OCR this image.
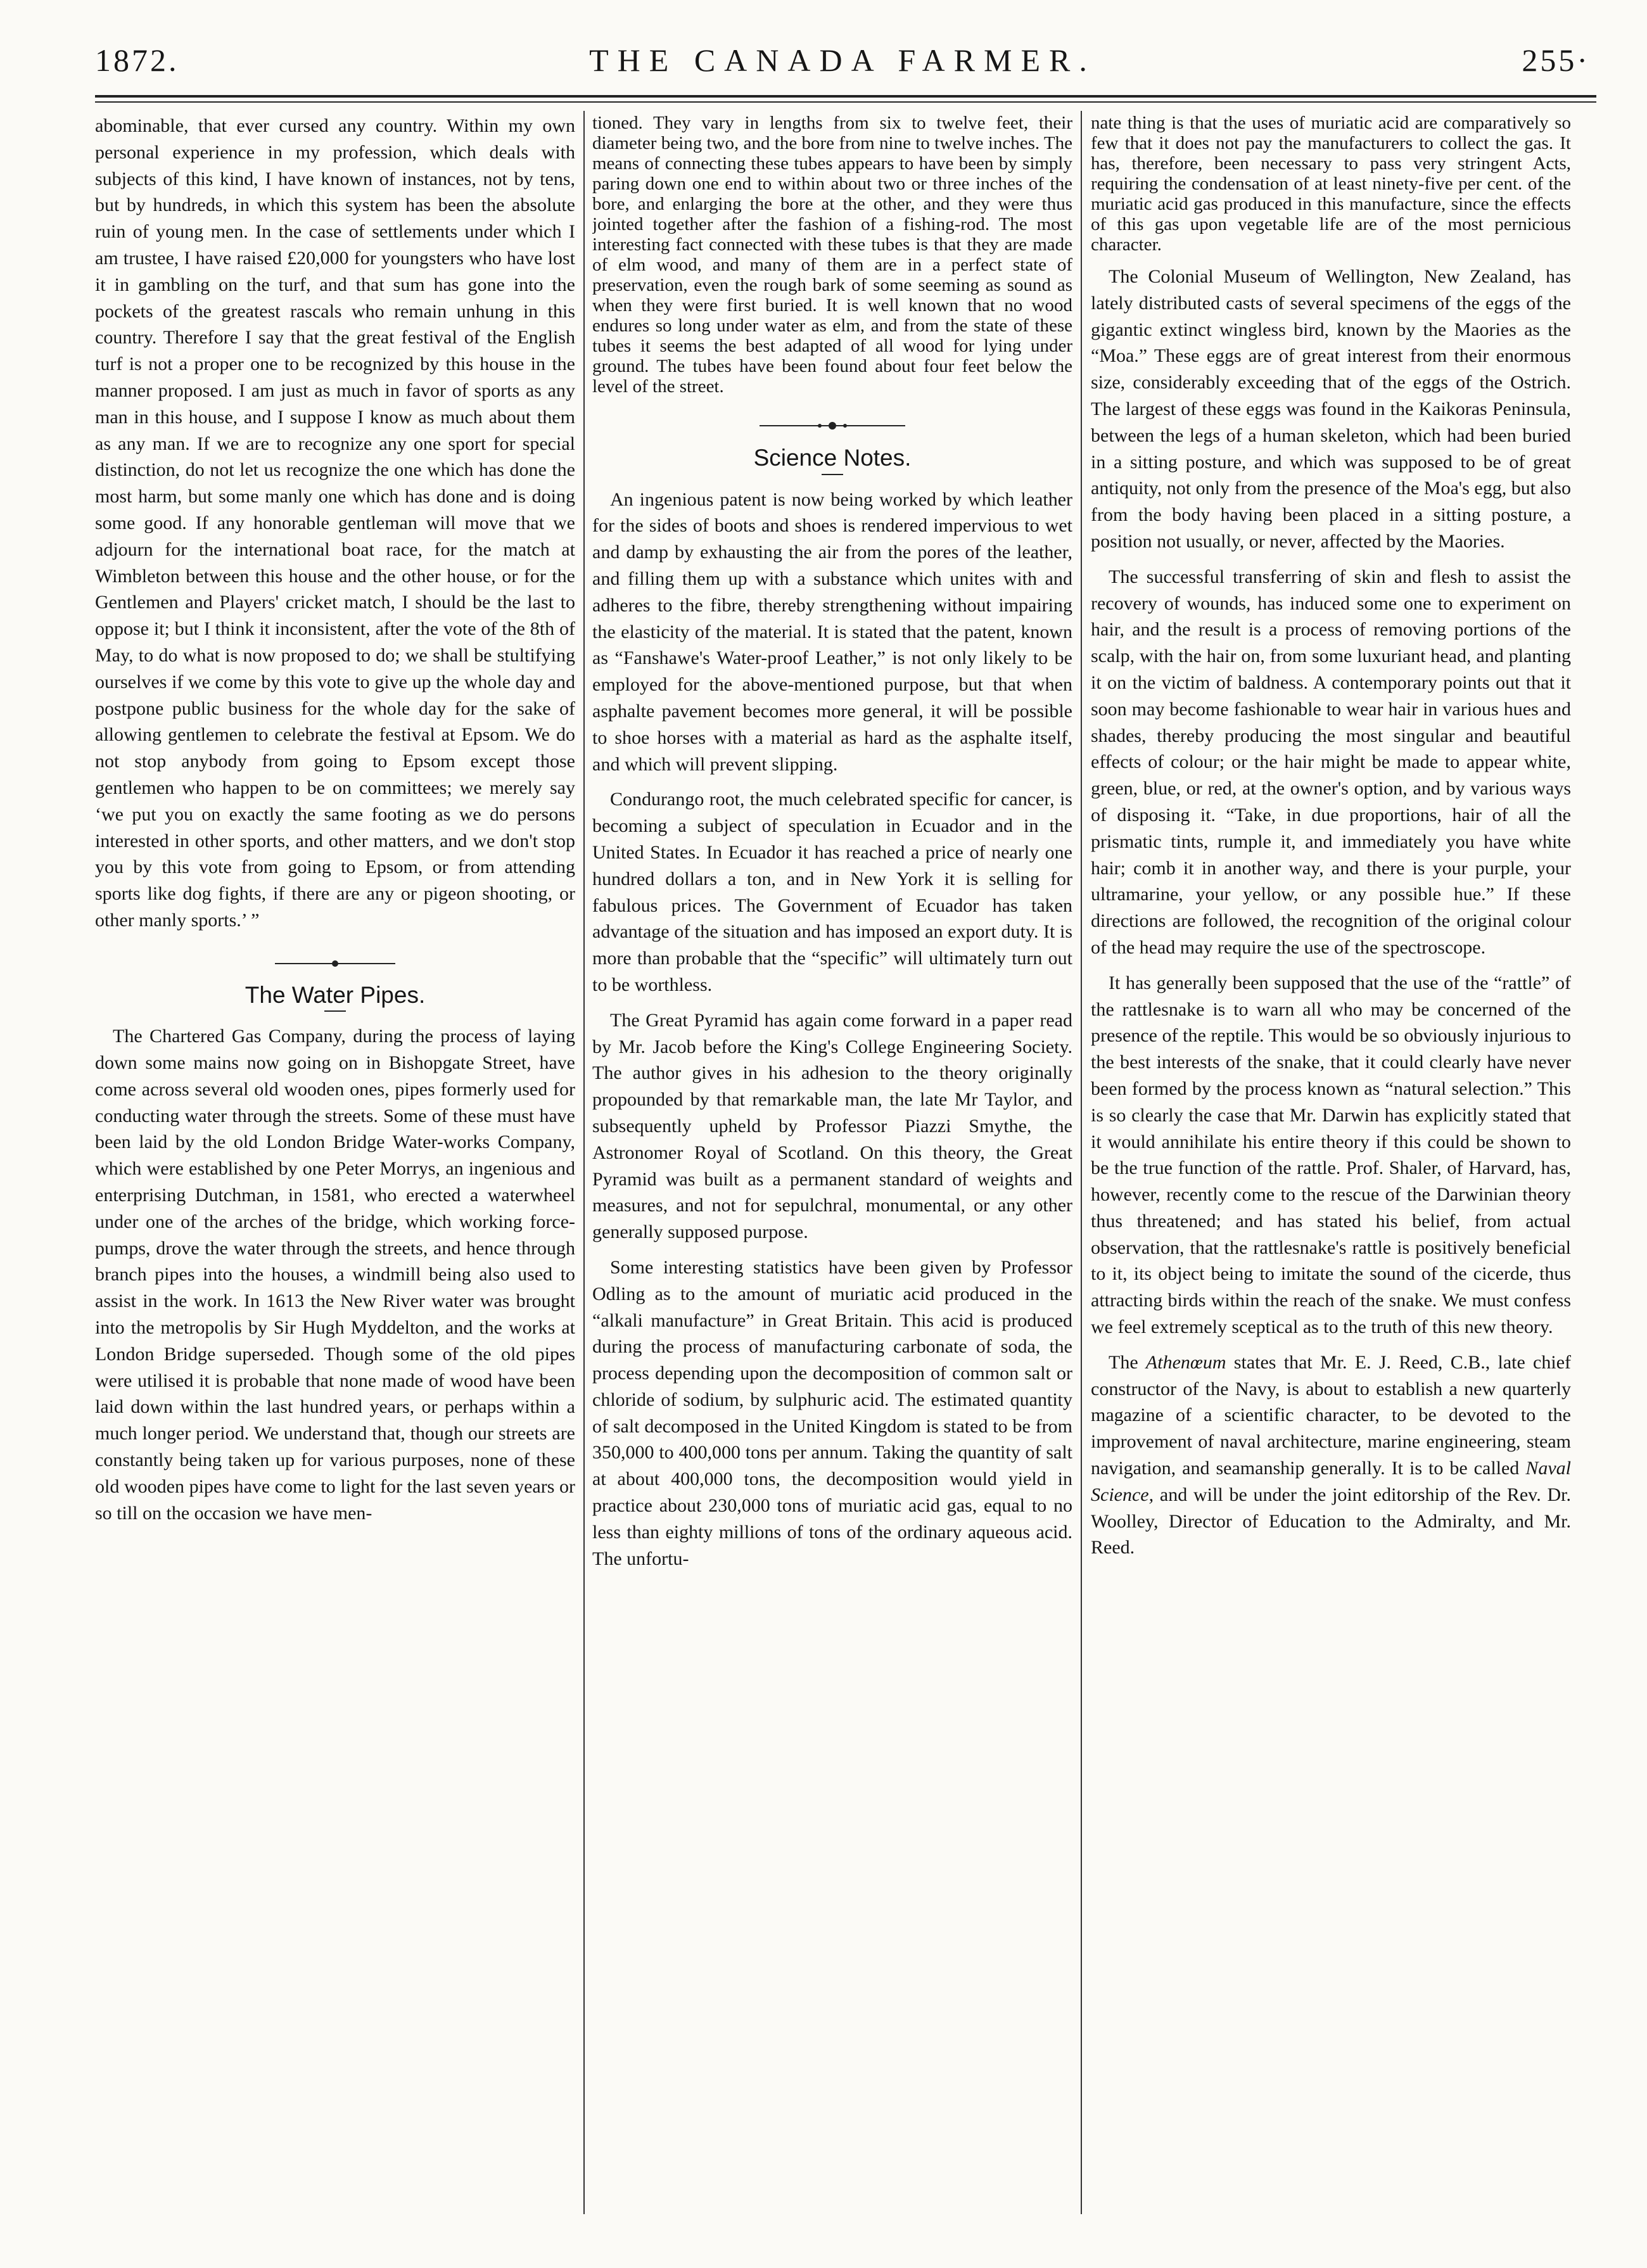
1872.	THE CANADA FARMER.	255·

abominable, that ever cursed any country. Within my own personal experience in my profession, which deals with subjects of this kind, I have known of instances, not by tens, but by hundreds, in which this system has been the absolute ruin of young men. In the case of settlements under which I am trustee, I have raised £20,000 for youngsters who have lost it in gambling on the turf, and that sum has gone into the pockets of the greatest rascals who remain unhung in this country. Therefore I say that the great festival of the English turf is not a proper one to be recognized by this house in the manner proposed. I am just as much in favor of sports as any man in this house, and I suppose I know as much about them as any man. If we are to recognize any one sport for special distinction, do not let us recognize the one which has done the most harm, but some manly one which has done and is doing some good. If any honorable gentleman will move that we adjourn for the international boat race, for the match at Wimbleton between this house and the other house, or for the Gentlemen and Players' cricket match, I should be the last to oppose it; but I think it inconsistent, after the vote of the 8th of May, to do what is now proposed to do; we shall be stultifying ourselves if we come by this vote to give up the whole day and postpone public business for the whole day for the sake of allowing gentlemen to celebrate the festival at Epsom. We do not stop anybody from going to Epsom except those gentlemen who happen to be on committees; we merely say ‘we put you on exactly the same footing as we do persons interested in other sports, and other matters, and we don't stop you by this vote from going to Epsom, or from attending sports like dog fights, if there are any or pigeon shooting, or other manly sports.’ ”

The Water Pipes.

The Chartered Gas Company, during the process of laying down some mains now going on in Bishopgate Street, have come across several old wooden ones, pipes formerly used for conducting water through the streets. Some of these must have been laid by the old London Bridge Water-works Company, which were established by one Peter Morrys, an ingenious and enterprising Dutchman, in 1581, who erected a waterwheel under one of the arches of the bridge, which working force-pumps, drove the water through the streets, and hence through branch pipes into the houses, a windmill being also used to assist in the work. In 1613 the New River water was brought into the metropolis by Sir Hugh Myddelton, and the works at London Bridge superseded. Though some of the old pipes were utilised it is probable that none made of wood have been laid down within the last hundred years, or perhaps within a much longer period. We understand that, though our streets are constantly being taken up for various purposes, none of these old wooden pipes have come to light for the last seven years or so till on the occasion we have men-

tioned. They vary in lengths from six to twelve feet, their diameter being two, and the bore from nine to twelve inches. The means of connecting these tubes appears to have been by simply paring down one end to within about two or three inches of the bore, and enlarging the bore at the other, and they were thus jointed together after the fashion of a fishing-rod. The most interesting fact connected with these tubes is that they are made of elm wood, and many of them are in a perfect state of preservation, even the rough bark of some seeming as sound as when they were first buried. It is well known that no wood endures so long under water as elm, and from the state of these tubes it seems the best adapted of all wood for lying under ground. The tubes have been found about four feet below the level of the street.

Science Notes.

An ingenious patent is now being worked by which leather for the sides of boots and shoes is rendered impervious to wet and damp by exhausting the air from the pores of the leather, and filling them up with a substance which unites with and adheres to the fibre, thereby strengthening without impairing the elasticity of the material. It is stated that the patent, known as “Fanshawe's Water-proof Leather,” is not only likely to be employed for the above-mentioned purpose, but that when asphalte pavement becomes more general, it will be possible to shoe horses with a material as hard as the asphalte itself, and which will prevent slipping.

Condurango root, the much celebrated specific for cancer, is becoming a subject of speculation in Ecuador and in the United States. In Ecuador it has reached a price of nearly one hundred dollars a ton, and in New York it is selling for fabulous prices. The Government of Ecuador has taken advantage of the situation and has imposed an export duty. It is more than probable that the “specific” will ultimately turn out to be worthless.

The Great Pyramid has again come forward in a paper read by Mr. Jacob before the King's College Engineering Society. The author gives in his adhesion to the theory originally propounded by that remarkable man, the late Mr Taylor, and subsequently upheld by Professor Piazzi Smythe, the Astronomer Royal of Scotland. On this theory, the Great Pyramid was built as a permanent standard of weights and measures, and not for sepulchral, monumental, or any other generally supposed purpose.

Some interesting statistics have been given by Professor Odling as to the amount of muriatic acid produced in the “alkali manufacture” in Great Britain. This acid is produced during the process of manufacturing carbonate of soda, the process depending upon the decomposition of common salt or chloride of sodium, by sulphuric acid. The estimated quantity of salt decomposed in the United Kingdom is stated to be from 350,000 to 400,000 tons per annum. Taking the quantity of salt at about 400,000 tons, the decomposition would yield in practice about 230,000 tons of muriatic acid gas, equal to no less than eighty millions of tons of the ordinary aqueous acid. The unfortu-

nate thing is that the uses of muriatic acid are comparatively so few that it does not pay the manufacturers to collect the gas. It has, therefore, been necessary to pass very stringent Acts, requiring the condensation of at least ninety-five per cent. of the muriatic acid gas produced in this manufacture, since the effects of this gas upon vegetable life are of the most pernicious character.

The Colonial Museum of Wellington, New Zealand, has lately distributed casts of several specimens of the eggs of the gigantic extinct wingless bird, known by the Maories as the “Moa.” These eggs are of great interest from their enormous size, considerably exceeding that of the eggs of the Ostrich. The largest of these eggs was found in the Kaikoras Peninsula, between the legs of a human skeleton, which had been buried in a sitting posture, and which was supposed to be of great antiquity, not only from the presence of the Moa's egg, but also from the body having been placed in a sitting posture, a position not usually, or never, affected by the Maories.

The successful transferring of skin and flesh to assist the recovery of wounds, has induced some one to experiment on hair, and the result is a process of removing portions of the scalp, with the hair on, from some luxuriant head, and planting it on the victim of baldness. A contemporary points out that it soon may become fashionable to wear hair in various hues and shades, thereby producing the most singular and beautiful effects of colour; or the hair might be made to appear white, green, blue, or red, at the owner's option, and by various ways of disposing it. “Take, in due proportions, hair of all the prismatic tints, rumple it, and immediately you have white hair; comb it in another way, and there is your purple, your ultramarine, your yellow, or any possible hue.” If these directions are followed, the recognition of the original colour of the head may require the use of the spectroscope.

It has generally been supposed that the use of the “rattle” of the rattlesnake is to warn all who may be concerned of the presence of the reptile. This would be so obviously injurious to the best interests of the snake, that it could clearly have never been formed by the process known as “natural selection.” This is so clearly the case that Mr. Darwin has explicitly stated that it would annihilate his entire theory if this could be shown to be the true function of the rattle. Prof. Shaler, of Harvard, has, however, recently come to the rescue of the Darwinian theory thus threatened; and has stated his belief, from actual observation, that the rattlesnake's rattle is positively beneficial to it, its object being to imitate the sound of the cicerde, thus attracting birds within the reach of the snake. We must confess we feel extremely sceptical as to the truth of this new theory.

The Athenœum states that Mr. E. J. Reed, C.B., late chief constructor of the Navy, is about to establish a new quarterly magazine of a scientific character, to be devoted to the improvement of naval architecture, marine engineering, steam navigation, and seamanship generally. It is to be called Naval Science, and will be under the joint editorship of the Rev. Dr. Woolley, Director of Education to the Admiralty, and Mr. Reed.
